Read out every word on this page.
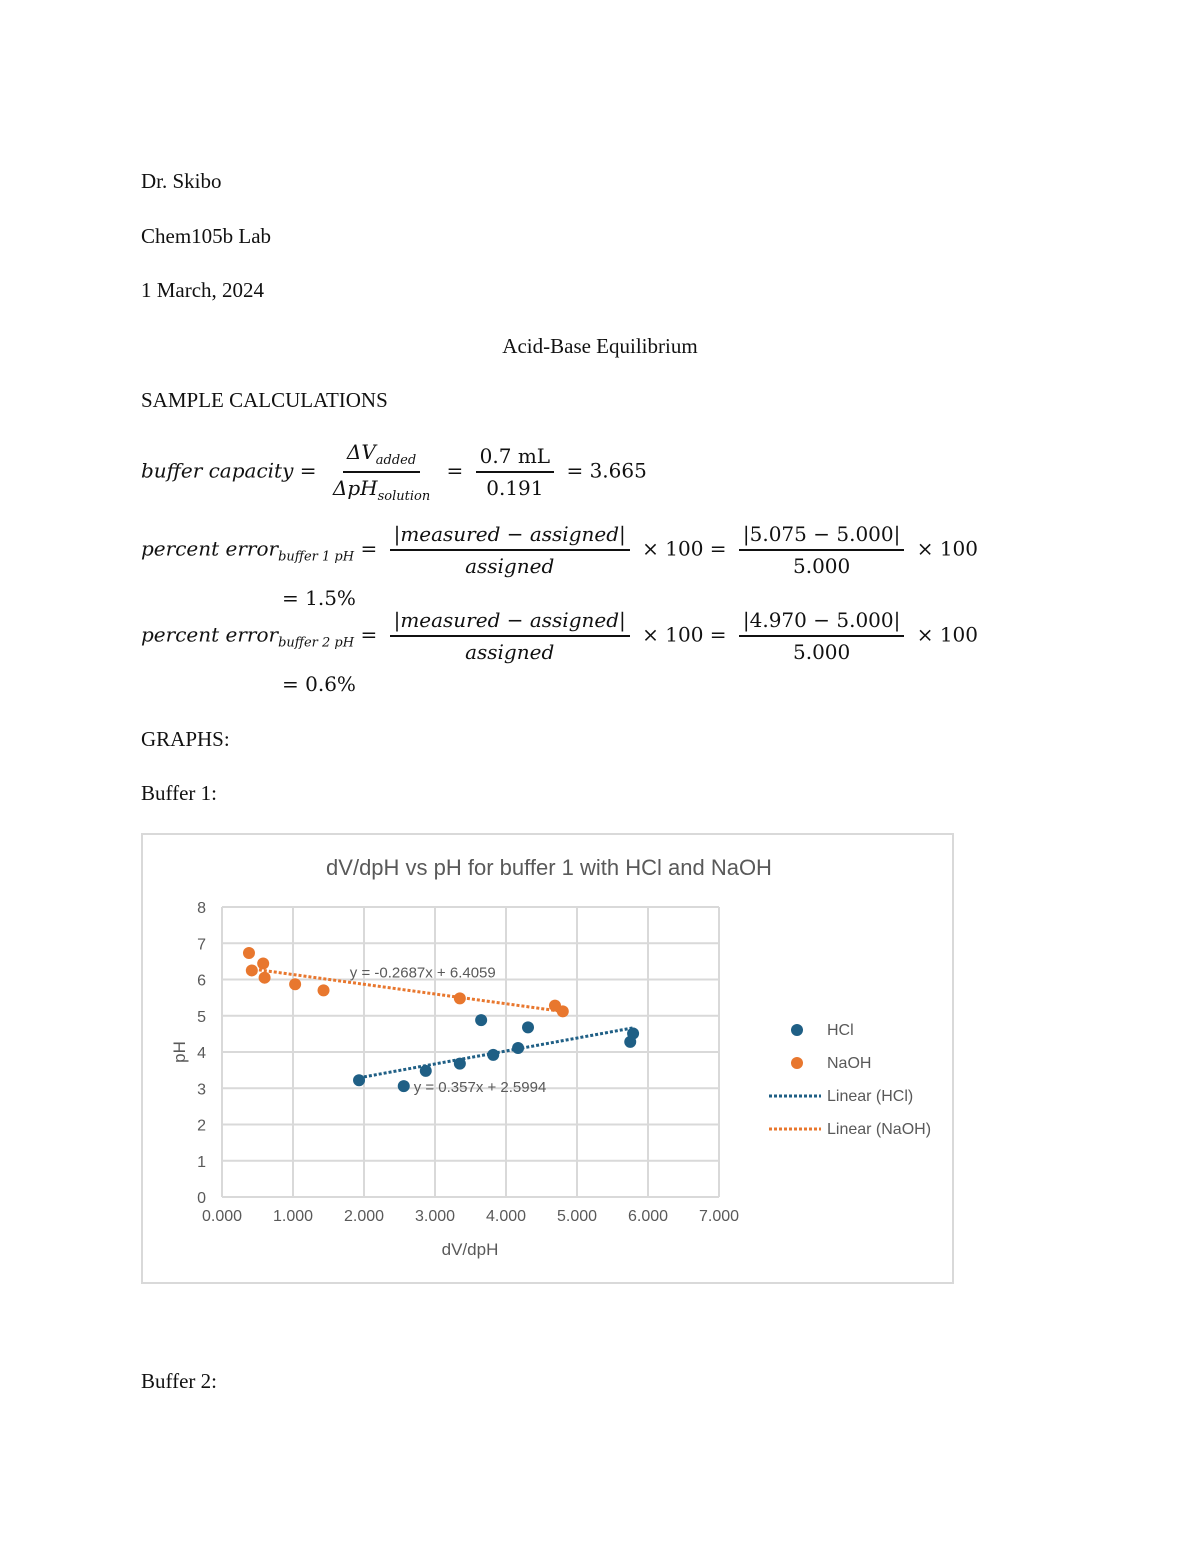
Dr. Skibo
Chem105b Lab
1 March, 2024
Acid-Base Equilibrium
SAMPLE CALCULATIONS
buffer capacity = $\frac{\Delta V_{added}}{\Delta pH_{solution}} = \frac{0.7 mL}{0.191} = 3.665$
percent error$_{buffer 1 pH}$ = $\frac{\text{|measured − assigned|}}{\text{assigned}} \times 100 = \frac{|5.075 - 5.000|}{5.000} \times 100$
= 1.5%
percent error$_{buffer 2 pH}$ = $\frac{\text{|measured − assigned|}}{\text{assigned}} \times 100 = \frac{|4.970 - 5.000|}{5.000} \times 100$
= 0.6%
GRAPHS:
Buffer 1:
dV/dpH vs pH for buffer 1 with HCl and NaOH
0.000 1.000 2.000 3.000 4.000 5.000 6.000 7.000
0
1
2
3
4
5
6
7
8
y = 0.357x + 2.5994
y = -0.2687x + 6.4059
dV/dpH
pH
HCl
NaOH
Linear (HCl)
Linear (NaOH)
Buffer 2:
